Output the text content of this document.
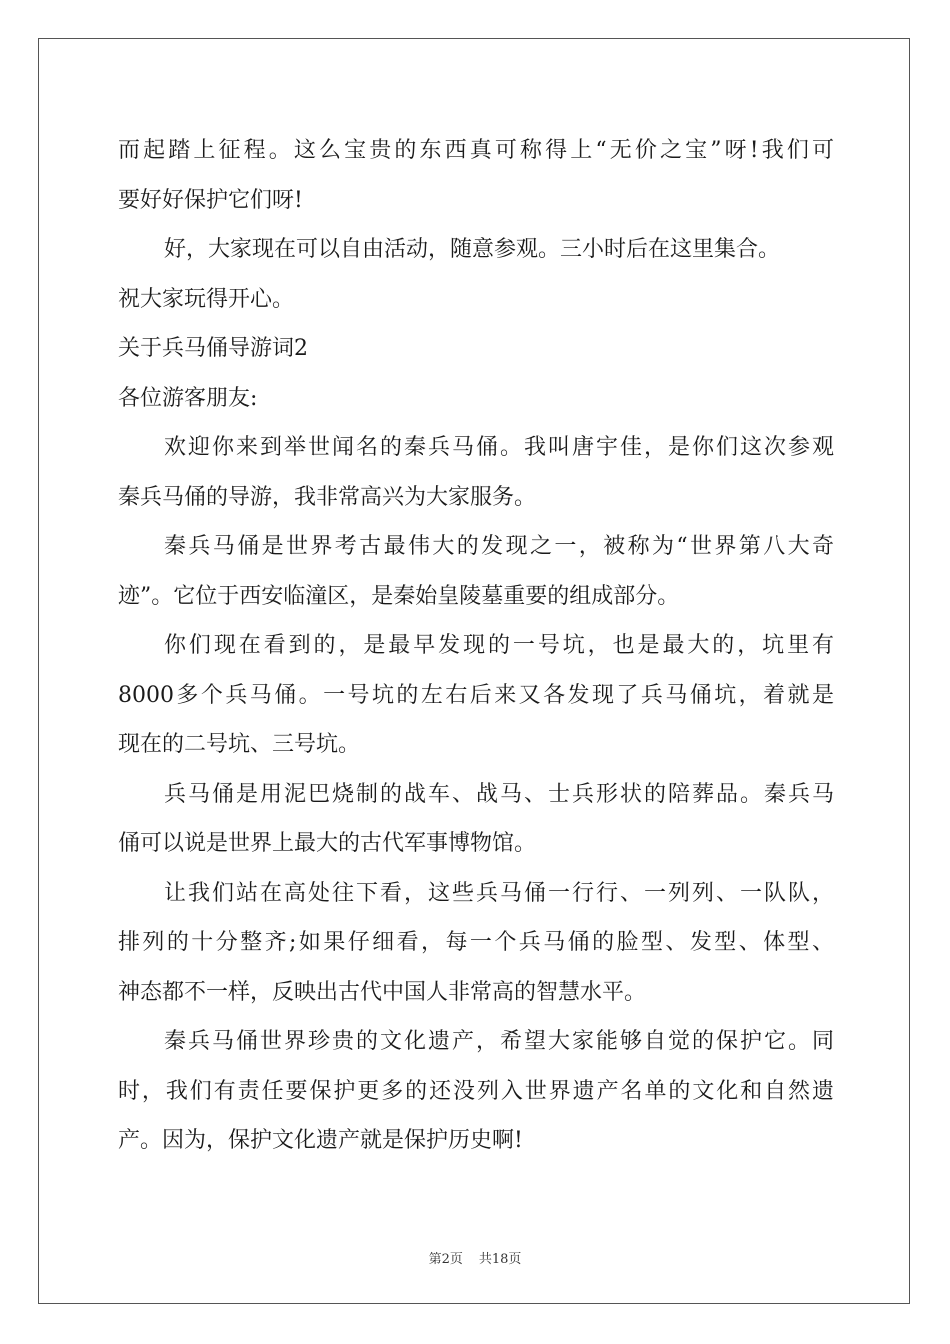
而起踏上征程。这么宝贵的东西真可称得上“无价之宝”呀!我们可
要好好保护它们呀!
好，大家现在可以自由活动，随意参观。三小时后在这里集合。
祝大家玩得开心。
关于兵马俑导游词2
各位游客朋友:
欢迎你来到举世闻名的秦兵马俑。我叫唐宇佳，是你们这次参观
秦兵马俑的导游，我非常高兴为大家服务。
秦兵马俑是世界考古最伟大的发现之一，被称为“世界第八大奇
迹”。它位于西安临潼区，是秦始皇陵墓重要的组成部分。
你们现在看到的，是最早发现的一号坑，也是最大的，坑里有
8000多个兵马俑。一号坑的左右后来又各发现了兵马俑坑，着就是
现在的二号坑、三号坑。
兵马俑是用泥巴烧制的战车、战马、士兵形状的陪葬品。秦兵马
俑可以说是世界上最大的古代军事博物馆。
让我们站在高处往下看，这些兵马俑一行行、一列列、一队队，
排列的十分整齐;如果仔细看，每一个兵马俑的脸型、发型、体型、
神态都不一样，反映出古代中国人非常高的智慧水平。
秦兵马俑世界珍贵的文化遗产，希望大家能够自觉的保护它。同
时，我们有责任要保护更多的还没列入世界遗产名单的文化和自然遗
产。因为，保护文化遗产就是保护历史啊!
第2页 共18页
